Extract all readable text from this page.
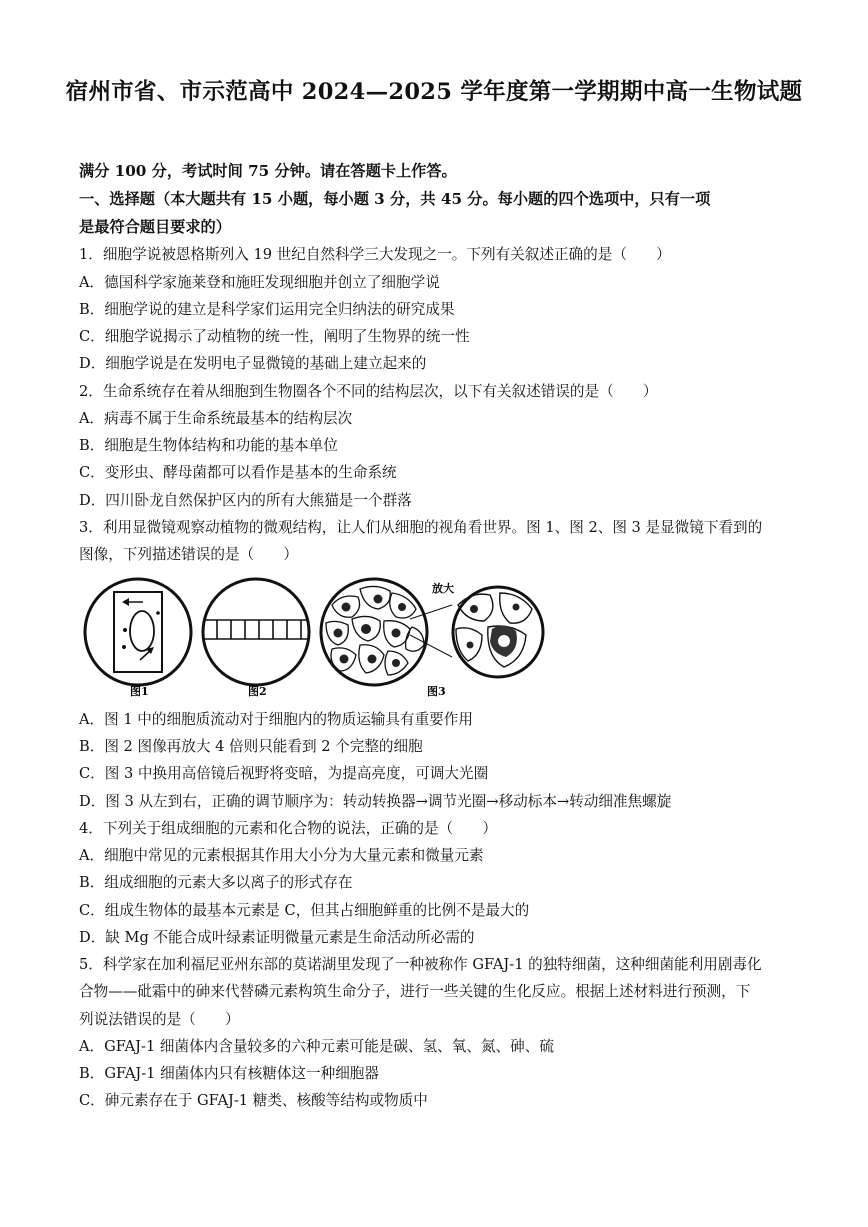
宿州市省、市示范高中 2024—2025 学年度第一学期期中高一生物试题
满分 100 分，考试时间 75 分钟。请在答题卡上作答。
一、选择题（本大题共有 15 小题，每小题 3 分，共 45 分。每小题的四个选项中，只有一项
是最符合题目要求的）
1．细胞学说被恩格斯列入 19 世纪自然科学三大发现之一。下列有关叙述正确的是（　　）
A．德国科学家施莱登和施旺发现细胞并创立了细胞学说
B．细胞学说的建立是科学家们运用完全归纳法的研究成果
C．细胞学说揭示了动植物的统一性，阐明了生物界的统一性
D．细胞学说是在发明电子显微镜的基础上建立起来的
2．生命系统存在着从细胞到生物圈各个不同的结构层次，以下有关叙述错误的是（　　）
A．病毒不属于生命系统最基本的结构层次
B．细胞是生物体结构和功能的基本单位
C．变形虫、酵母菌都可以看作是基本的生命系统
D．四川卧龙自然保护区内的所有大熊猫是一个群落
3．利用显微镜观察动植物的微观结构，让人们从细胞的视角看世界。图 1、图 2、图 3 是显微镜下看到的
图像，下列描述错误的是（　　）
放大
图1	图2	图3
A．图 1 中的细胞质流动对于细胞内的物质运输具有重要作用
B．图 2 图像再放大 4 倍则只能看到 2 个完整的细胞
C．图 3 中换用高倍镜后视野将变暗，为提高亮度，可调大光圈
D．图 3 从左到右，正确的调节顺序为：转动转换器→调节光圈→移动标本→转动细准焦螺旋
4．下列关于组成细胞的元素和化合物的说法，正确的是（　　）
A．细胞中常见的元素根据其作用大小分为大量元素和微量元素
B．组成细胞的元素大多以离子的形式存在
C．组成生物体的最基本元素是 C，但其占细胞鲜重的比例不是最大的
D．缺 Mg 不能合成叶绿素证明微量元素是生命活动所必需的
5．科学家在加利福尼亚州东部的莫诺湖里发现了一种被称作 GFAJ-1 的独特细菌，这种细菌能利用剧毒化
合物——砒霜中的砷来代替磷元素构筑生命分子，进行一些关键的生化反应。根据上述材料进行预测，下
列说法错误的是（　　）
A．GFAJ-1 细菌体内含量较多的六种元素可能是碳、氢、氧、氮、砷、硫
B．GFAJ-1 细菌体内只有核糖体这一种细胞器
C．砷元素存在于 GFAJ-1 糖类、核酸等结构或物质中
